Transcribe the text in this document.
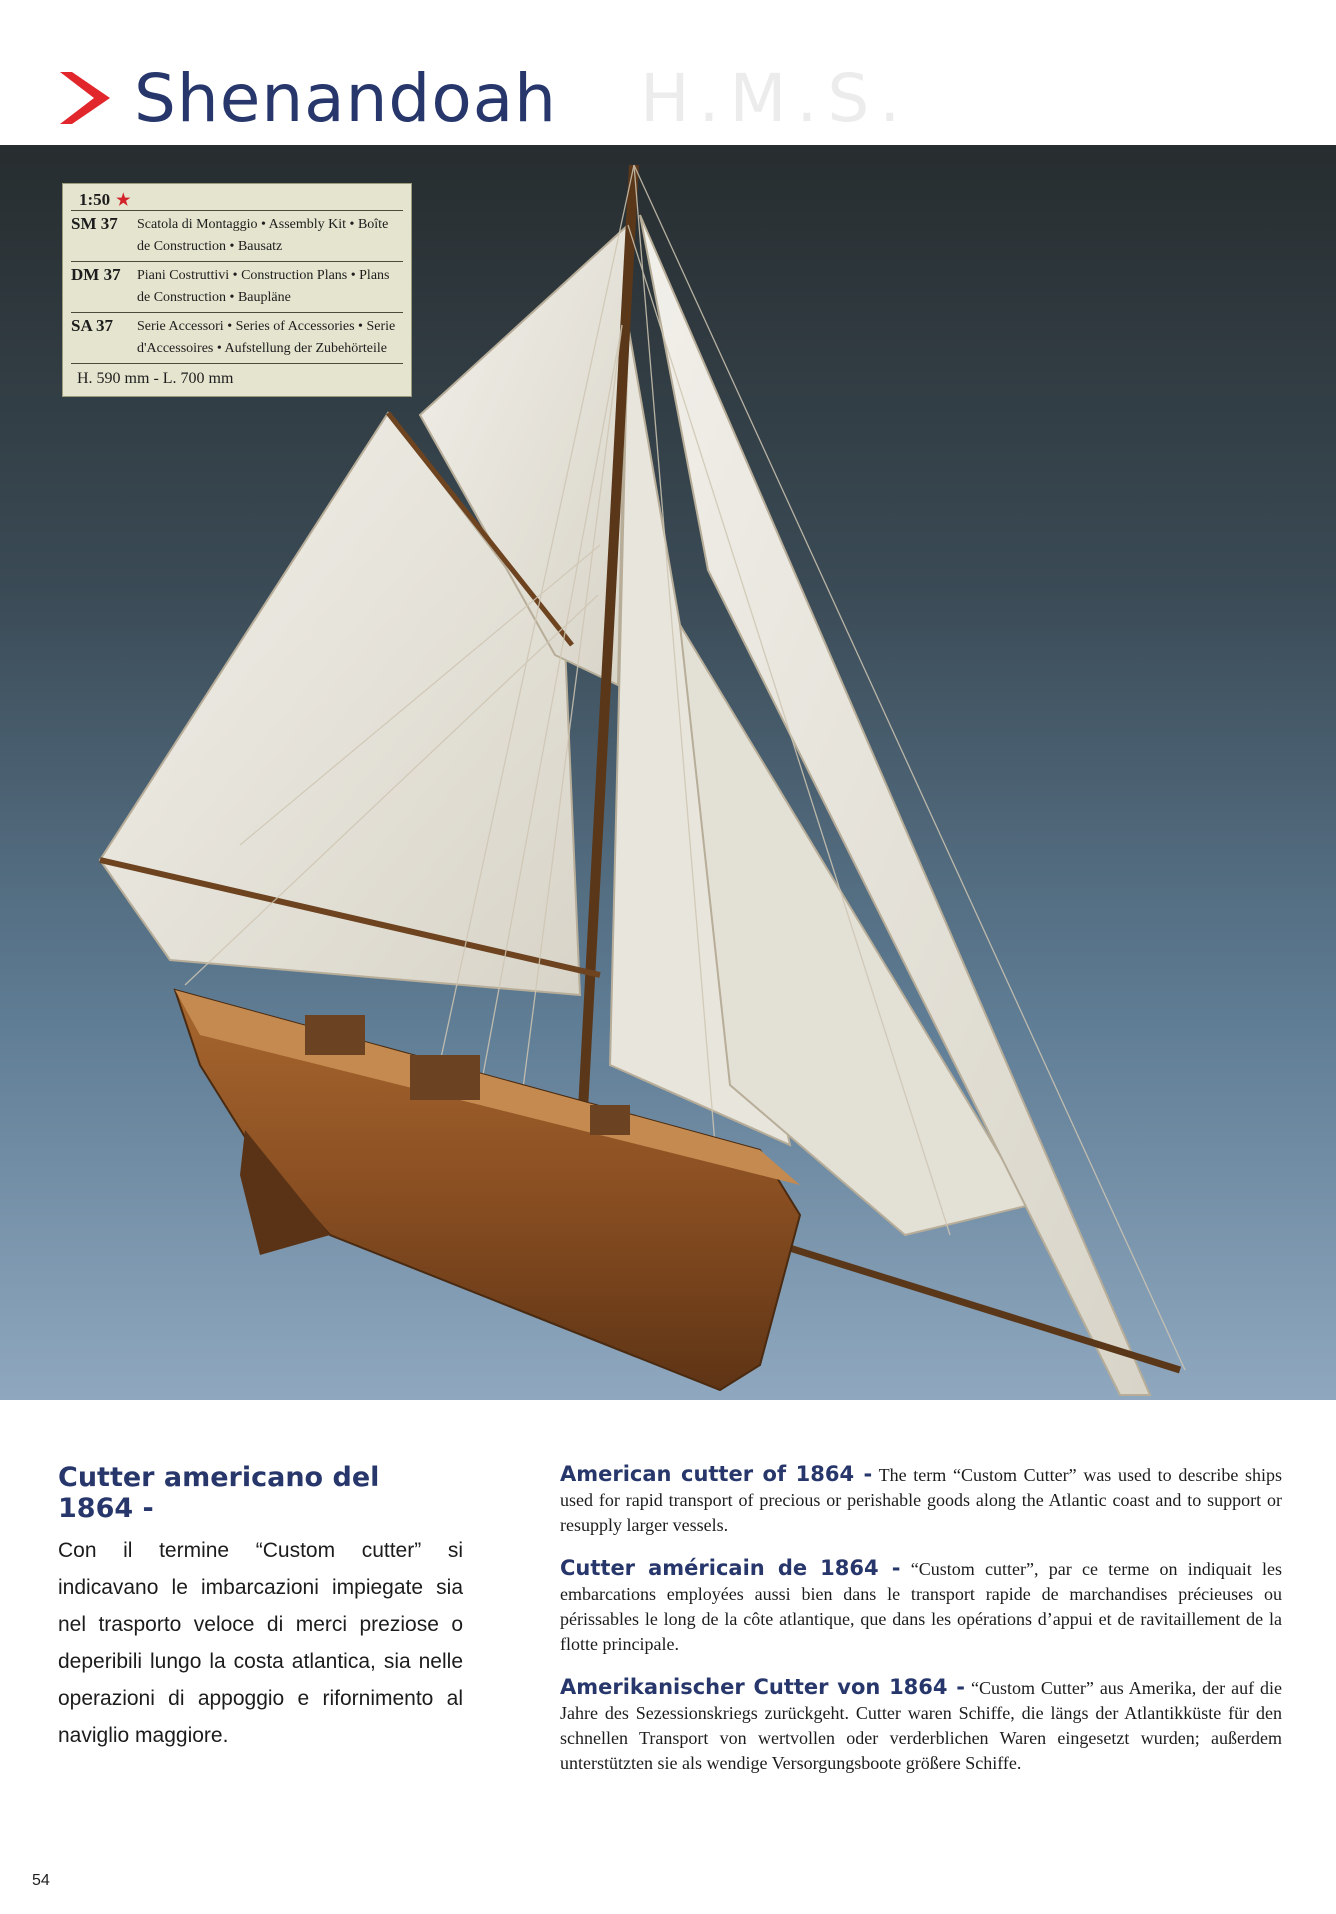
H.M.S.
Shenandoah
1:50 ★
SM 37	Scatola di Montaggio • Assembly Kit • Boîte de Construction • Bausatz
DM 37	Piani Costruttivi • Construction Plans • Plans de Construction • Baupläne
SA 37	Serie Accessori • Series of Accessories • Serie d'Accessoires • Aufstellung der Zubehörteile
H. 590 mm - L. 700 mm
Cutter americano del 1864 -

Con il termine “Custom cutter” si indicavano le imbarcazioni impiegate sia nel trasporto veloce di merci preziose o deperibili lungo la costa atlantica, sia nelle operazioni di appoggio e rifornimento al naviglio maggiore.

American cutter of 1864 - The term “Custom Cutter” was used to describe ships used for rapid transport of precious or perishable goods along the Atlantic coast and to support or resupply larger vessels.

Cutter américain de 1864 - “Custom cutter”, par ce terme on indiquait les embarcations employées aussi bien dans le transport rapide de marchandises précieuses ou périssables le long de la côte atlantique, que dans les opérations d’appui et de ravitaillement de la flotte principale.

Amerikanischer Cutter von 1864 - “Custom Cutter” aus Amerika, der auf die Jahre des Sezessionskriegs zurückgeht. Cutter waren Schiffe, die längs der Atlantikküste für den schnellen Transport von wertvollen oder verderblichen Waren eingesetzt wurden; außerdem unterstützten sie als wendige Versorgungsboote größere Schiffe.

54
